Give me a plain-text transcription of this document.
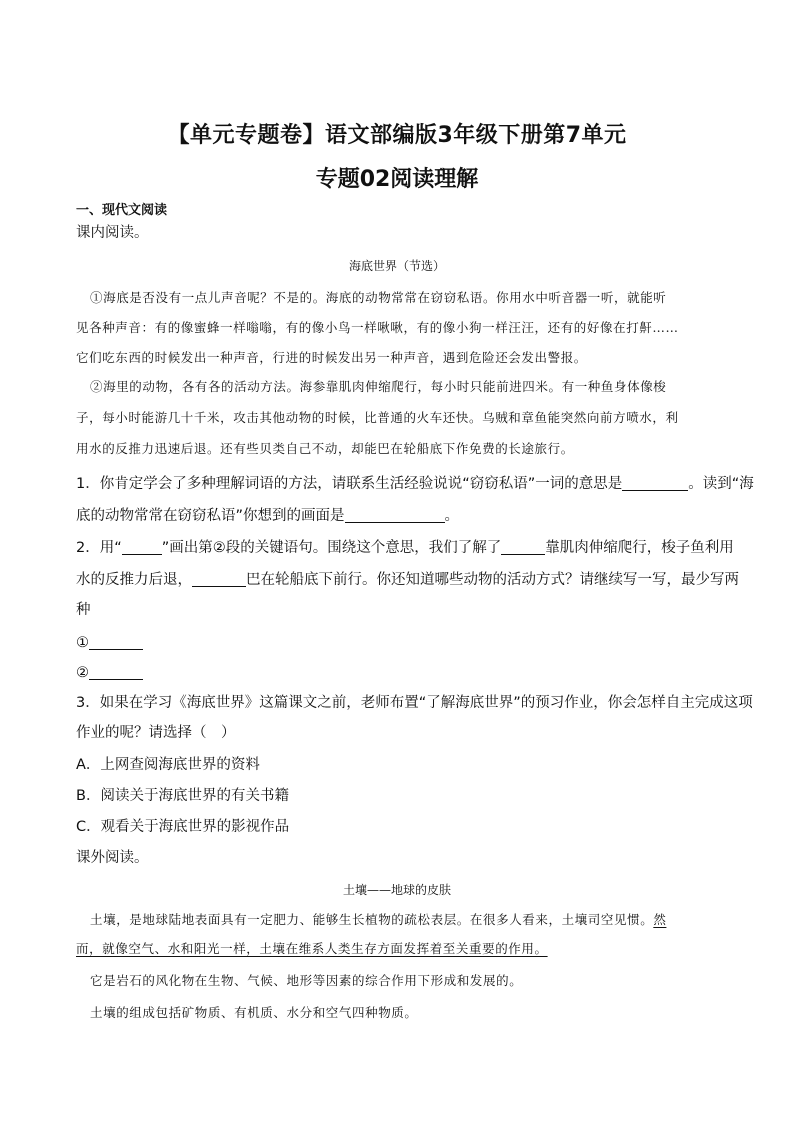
【单元专题卷】语文部编版3年级下册第7单元
专题02阅读理解
一、现代文阅读
课内阅读。
海底世界（节选）
①海底是否没有一点儿声音呢？不是的。海底的动物常常在窃窃私语。你用水中听音器一听，就能听
见各种声音：有的像蜜蜂一样嗡嗡，有的像小鸟一样啾啾，有的像小狗一样汪汪，还有的好像在打鼾……
它们吃东西的时候发出一种声音，行进的时候发出另一种声音，遇到危险还会发出警报。
②海里的动物，各有各的活动方法。海参靠肌肉伸缩爬行，每小时只能前进四米。有一种鱼身体像梭
子，每小时能游几十千米，攻击其他动物的时候，比普通的火车还快。乌贼和章鱼能突然向前方喷水，利
用水的反推力迅速后退。还有些贝类自己不动，却能巴在轮船底下作免费的长途旅行。
1．你肯定学会了多种理解词语的方法，请联系生活经验说说“窃窃私语”一词的意思是	。读到“海
底的动物常常在窃窃私语”你想到的画面是	。
2．用“	”画出第②段的关键语句。围绕这个意思，我们了解了	靠肌肉伸缩爬行，梭子鱼利用
水的反推力后退，	巴在轮船底下前行。你还知道哪些动物的活动方式？请继续写一写，最少写两
种
①
②
3．如果在学习《海底世界》这篇课文之前，老师布置“了解海底世界”的预习作业，你会怎样自主完成这项
作业的呢？请选择（　）
A．上网查阅海底世界的资料
B．阅读关于海底世界的有关书籍
C．观看关于海底世界的影视作品
课外阅读。
土壤——地球的皮肤
土壤，是地球陆地表面具有一定肥力、能够生长植物的疏松表层。在很多人看来，土壤司空见惯。然
而，就像空气、水和阳光一样，土壤在维系人类生存方面发挥着至关重要的作用。
它是岩石的风化物在生物、气候、地形等因素的综合作用下形成和发展的。
土壤的组成包括矿物质、有机质、水分和空气四种物质。
